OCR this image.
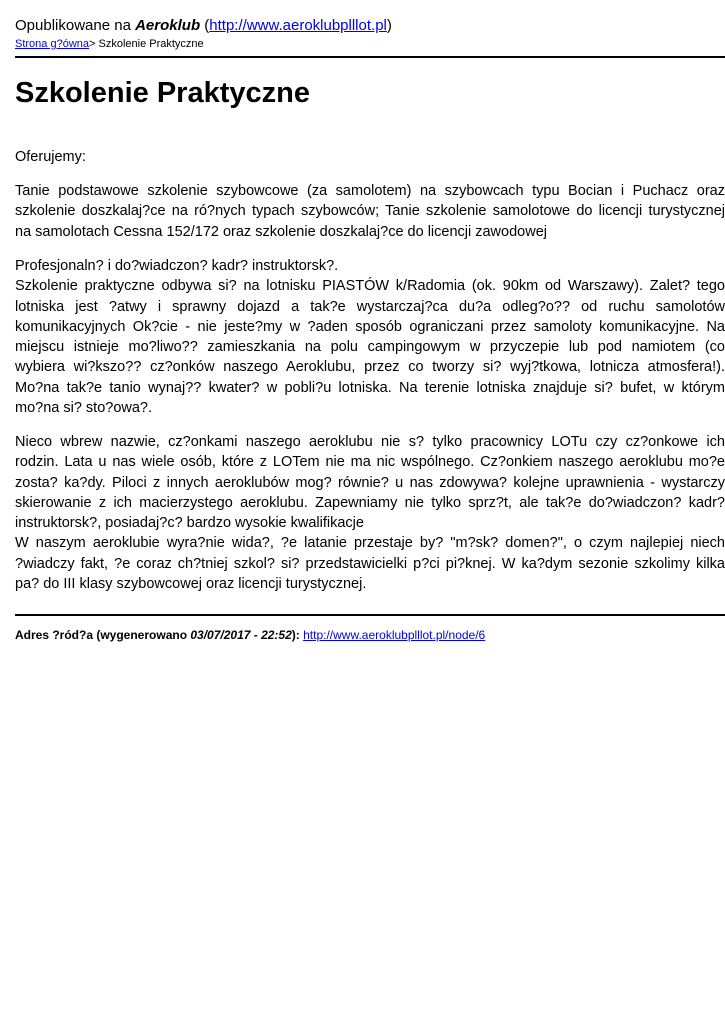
Opublikowane na Aeroklub (http://www.aeroklubplllot.pl)
Strona g?ówna> Szkolenie Praktyczne
Szkolenie Praktyczne

Oferujemy:

Tanie podstawowe szkolenie szybowcowe (za samolotem) na szybowcach typu Bocian i Puchacz oraz
szkolenie doszkalaj?ce na ró?nych typach szybowców; Tanie szkolenie samolotowe do licencji turystycznej
na samolotach Cessna 152/172 oraz szkolenie doszkalaj?ce do licencji zawodowej

Profesjonaln? i do?wiadczon? kadr? instruktorsk?.
Szkolenie praktyczne odbywa si? na lotnisku PIASTÓW k/Radomia (ok. 90km od Warszawy). Zalet? tego
lotniska jest ?atwy i sprawny dojazd a tak?e wystarczaj?ca du?a odleg?o?? od ruchu samolotów
komunikacyjnych Ok?cie - nie jeste?my w ?aden sposób ograniczani przez samoloty komunikacyjne. Na
miejscu istnieje mo?liwo?? zamieszkania na polu campingowym w przyczepie lub pod namiotem (co
wybiera wi?kszo?? cz?onków naszego Aeroklubu, przez co tworzy si? wyj?tkowa, lotnicza atmosfera!).
Mo?na tak?e tanio wynaj?? kwater? w pobli?u lotniska. Na terenie lotniska znajduje si? bufet, w którym
mo?na si? sto?owa?.

Nieco wbrew nazwie, cz?onkami naszego aeroklubu nie s? tylko pracownicy LOTu czy cz?onkowe ich
rodzin. Lata u nas wiele osób, które z LOTem nie ma nic wspólnego. Cz?onkiem naszego aeroklubu mo?e
zosta? ka?dy. Piloci z innych aeroklubów mog? równie? u nas zdowywa? kolejne uprawnienia - wystarczy
skierowanie z ich macierzystego aeroklubu. Zapewniamy nie tylko sprz?t, ale tak?e do?wiadczon? kadr?
instruktorsk?, posiadaj?c? bardzo wysokie kwalifikacje
W naszym aeroklubie wyra?nie wida?, ?e latanie przestaje by? "m?sk? domen?", o czym najlepiej niech
?wiadczy fakt, ?e coraz ch?tniej szkol? si? przedstawicielki p?ci pi?knej. W ka?dym sezonie szkolimy kilka
pa? do III klasy szybowcowej oraz licencji turystycznej.

Adres ?ród?a (wygenerowano 03/07/2017 - 22:52): http://www.aeroklubplllot.pl/node/6
